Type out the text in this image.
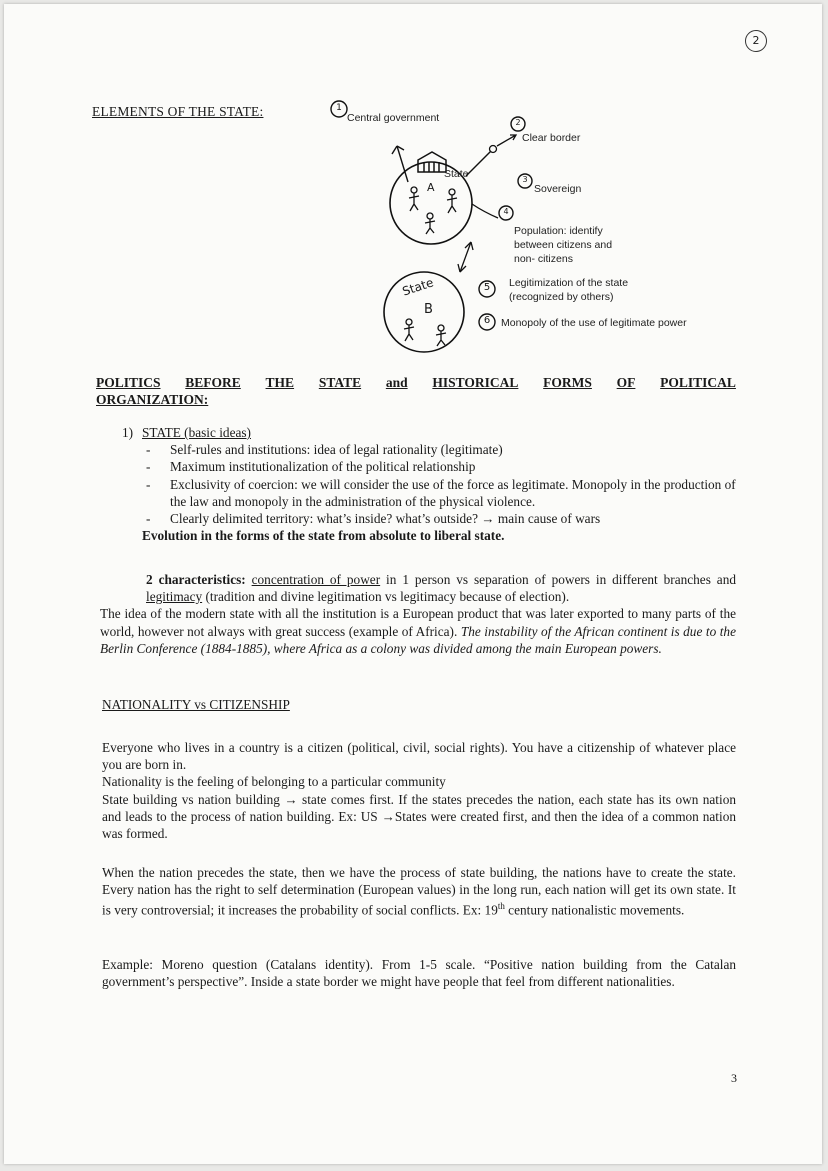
2
ELEMENTS OF THE STATE:	1
Central government	2
Clear border
State
A
3
Sovereign
4
Population: identify
between citizens and
non- citizens
State
B
5 Legitimization of the state
(recognized by others)
6 Monopoly of the use of legitimate power
POLITICS BEFORE THE STATE and HISTORICAL FORMS OF POLITICAL
ORGANIZATION:
1) STATE (basic ideas)
-	Self-rules and institutions: idea of legal rationality (legitimate)
-	Maximum institutionalization of the political relationship
-	Exclusivity of coercion: we will consider the use of the force as legitimate. Monopoly in the production of the law and monopoly in the administration of the physical violence.
-	Clearly delimited territory: what’s inside? what’s outside? → main cause of wars
Evolution in the forms of the state from absolute to liberal state.

2 characteristics: concentration of power in 1 person vs separation of powers in different branches and legitimacy (tradition and divine legitimation vs legitimacy because of election).

The idea of the modern state with all the institution is a European product that was later exported to many parts of the world, however not always with great success (example of Africa). The instability of the African continent is due to the Berlin Conference (1884-1885), where Africa as a colony was divided among the main European powers.

NATIONALITY vs CITIZENSHIP

Everyone who lives in a country is a citizen (political, civil, social rights). You have a citizenship of whatever place you are born in.

Nationality is the feeling of belonging to a particular community

State building vs nation building → state comes first. If the states precedes the nation, each state has its own nation and leads to the process of nation building. Ex: US →States were created first, and then the idea of a common nation was formed.

When the nation precedes the state, then we have the process of state building, the nations have to create the state. Every nation has the right to self determination (European values) in the long run, each nation will get its own state. It is very controversial; it increases the probability of social conflicts. Ex: 19th century nationalistic movements.

Example: Moreno question (Catalans identity). From 1-5 scale. “Positive nation building from the Catalan government’s perspective”. Inside a state border we might have people that feel from different nationalities.

3
